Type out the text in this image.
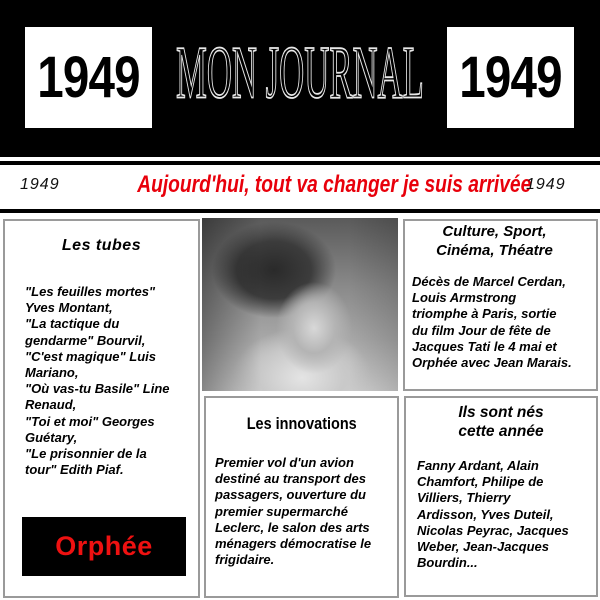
1949 MON JOURNAL 1949
1949	Aujourd'hui, tout va changer je suis arrivée
1949
Les tubes
"Les feuilles mortes"
Yves Montant,
"La tactique du
gendarme" Bourvil,
"C'est magique" Luis
Mariano,
"Où vas-tu Basile" Line
Renaud,
"Toi et moi" Georges
Guétary,
"Le prisonnier de la
tour" Edith Piaf.
Orphée
Culture, Sport,
Cinéma, Théatre
Décès de Marcel Cerdan,
Louis Armstrong
triomphe à Paris, sortie
du film Jour de fête de
Jacques Tati le 4 mai et
Orphée avec Jean Marais.
Les innovations
Premier vol d'un avion
destiné au transport des
passagers, ouverture du
premier supermarché
Leclerc, le salon des arts
ménagers démocratise le
frigidaire.
Ils sont nés
cette année
Fanny Ardant, Alain
Chamfort, Philipe de
Villiers, Thierry
Ardisson, Yves Duteil,
Nicolas Peyrac, Jacques
Weber, Jean-Jacques
Bourdin...
